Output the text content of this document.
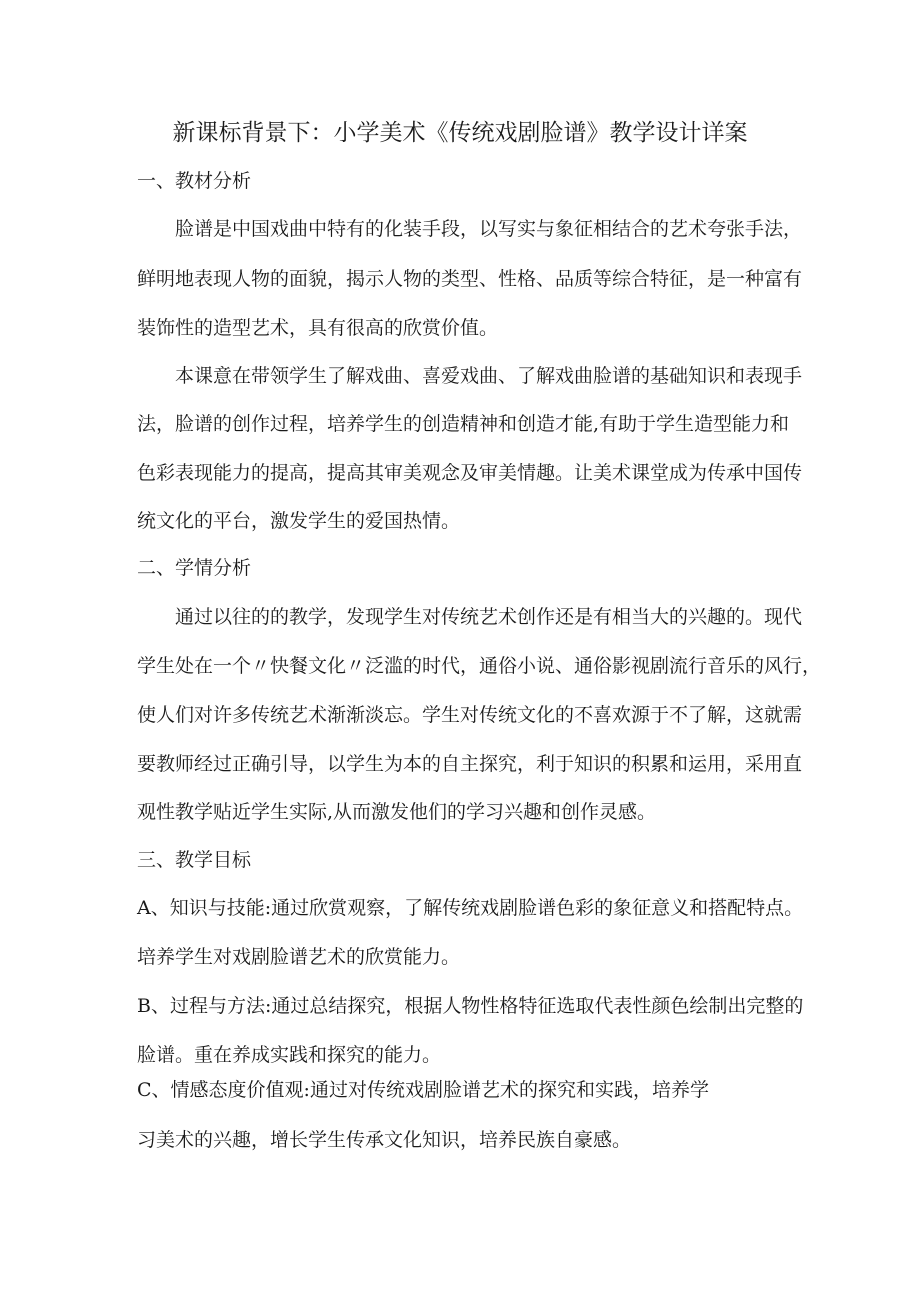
新课标背景下：小学美术《传统戏剧脸谱》教学设计详案
一、教材分析
脸谱是中国戏曲中特有的化装手段，以写实与象征相结合的艺术夸张手法，
鲜明地表现人物的面貌，揭示人物的类型、性格、品质等综合特征，是一种富有
装饰性的造型艺术，具有很高的欣赏价值。
本课意在带领学生了解戏曲、喜爱戏曲、了解戏曲脸谱的基础知识和表现手
法，脸谱的创作过程，培养学生的创造精神和创造才能,有助于学生造型能力和
色彩表现能力的提高，提高其审美观念及审美情趣。让美术课堂成为传承中国传
统文化的平台，激发学生的爱国热情。
二、学情分析
通过以往的的教学，发现学生对传统艺术创作还是有相当大的兴趣的。现代
学生处在一个〃快餐文化〃泛滥的时代，通俗小说、通俗影视剧流行音乐的风行，
使人们对许多传统艺术渐渐淡忘。学生对传统文化的不喜欢源于不了解，这就需
要教师经过正确引导，以学生为本的自主探究，利于知识的积累和运用，采用直
观性教学贴近学生实际,从而激发他们的学习兴趣和创作灵感。
三、教学目标
A、知识与技能:通过欣赏观察，了解传统戏剧脸谱色彩的象征意义和搭配特点。
培养学生对戏剧脸谱艺术的欣赏能力。
B、过程与方法:通过总结探究，根据人物性格特征选取代表性颜色绘制出完整的
脸谱。重在养成实践和探究的能力。
C、情感态度价值观:通过对传统戏剧脸谱艺术的探究和实践，培养学
习美术的兴趣，增长学生传承文化知识，培养民族自豪感。
